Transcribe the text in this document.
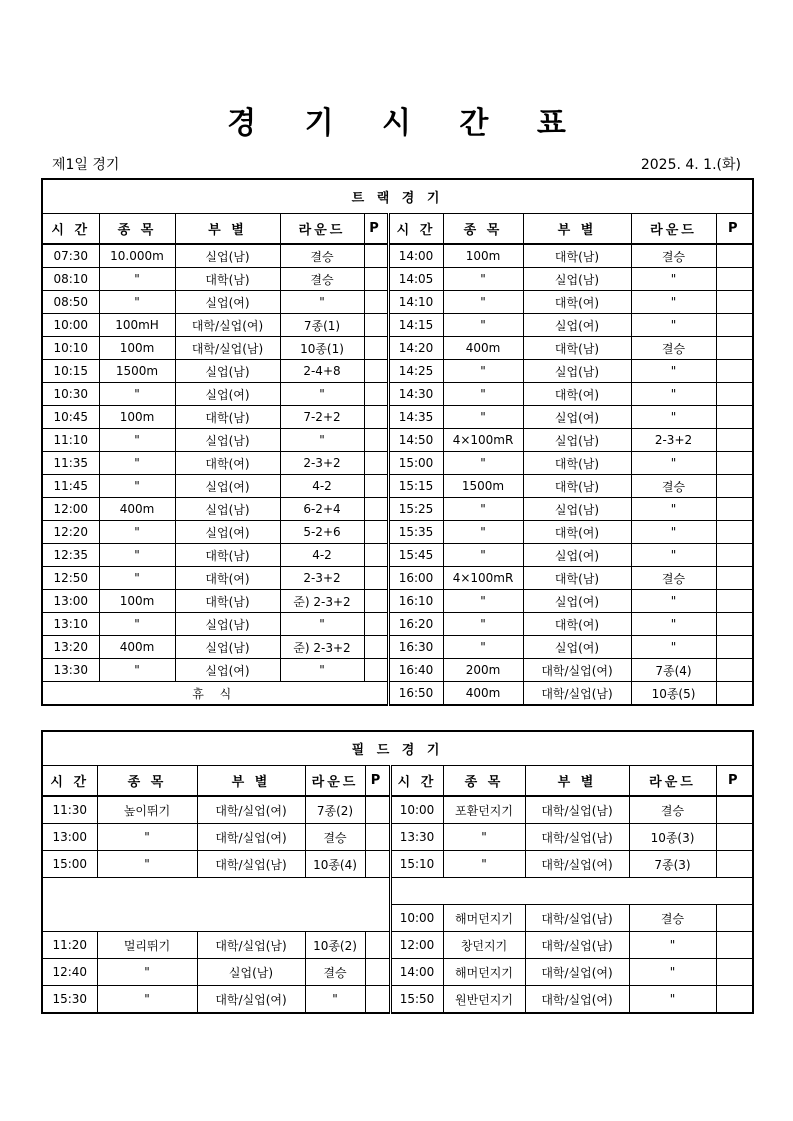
경 기 시 간 표
제1일 경기	2025. 4. 1.(화)
트 랙 경 기									
시 간	종 목	부 별	라운드	P	시 간	종 목	부 별	라운드	P
07:30	10.000m	실업(남)	결승		14:00	100m	대학(남)	결승	
08:10	"	대학(남)	결승		14:05	"	실업(남)	"	
08:50	"	실업(여)	"		14:10	"	대학(여)	"	
10:00	100mH	대학/실업(여)	7종(1)		14:15	"	실업(여)	"	
10:10	100m	대학/실업(남)	10종(1)		14:20	400m	대학(남)	결승	
10:15	1500m	실업(남)	2-4+8		14:25	"	실업(남)	"	
10:30	"	실업(여)	"		14:30	"	대학(여)	"	
10:45	100m	대학(남)	7-2+2		14:35	"	실업(여)	"	
11:10	"	실업(남)	"		14:50	4×100mR	실업(남)	2-3+2	
11:35	"	대학(여)	2-3+2		15:00	"	대학(남)	"	
11:45	"	실업(여)	4-2		15:15	1500m	대학(남)	결승	
12:00	400m	실업(남)	6-2+4		15:25	"	실업(남)	"	
12:20	"	실업(여)	5-2+6		15:35	"	대학(여)	"	
12:35	"	대학(남)	4-2		15:45	"	실업(여)	"	
12:50	"	대학(여)	2-3+2		16:00	4×100mR	대학(남)	결승	
13:00	100m	대학(남)	준) 2-3+2		16:10	"	실업(여)	"	
13:10	"	실업(남)	"		16:20	"	대학(여)	"	
13:20	400m	실업(남)	준) 2-3+2		16:30	"	실업(여)	"	
13:30	"	실업(여)	"		16:40	200m	대학/실업(여)	7종(4)	
휴 식					16:50	400m	대학/실업(남)	10종(5)	
필 드 경 기									
시 간	종 목	부 별	라운드	P	시 간	종 목	부 별	라운드	P
11:30	높이뛰기	대학/실업(여)	7종(2)		10:00	포환던지기	대학/실업(남)	결승	
13:00	"	대학/실업(여)	결승		13:30	"	대학/실업(남)	10종(3)	
15:00	"	대학/실업(남)	10종(4)		15:10	"	대학/실업(여)	7종(3)	

					10:00	해머던지기	대학/실업(남)	결승	
11:20	멀리뛰기	대학/실업(남)	10종(2)		12:00	창던지기	대학/실업(남)	"	
12:40	"	실업(남)	결승		14:00	해머던지기	대학/실업(여)	"	
15:30	"	대학/실업(여)	"		15:50	원반던지기	대학/실업(여)	"	
